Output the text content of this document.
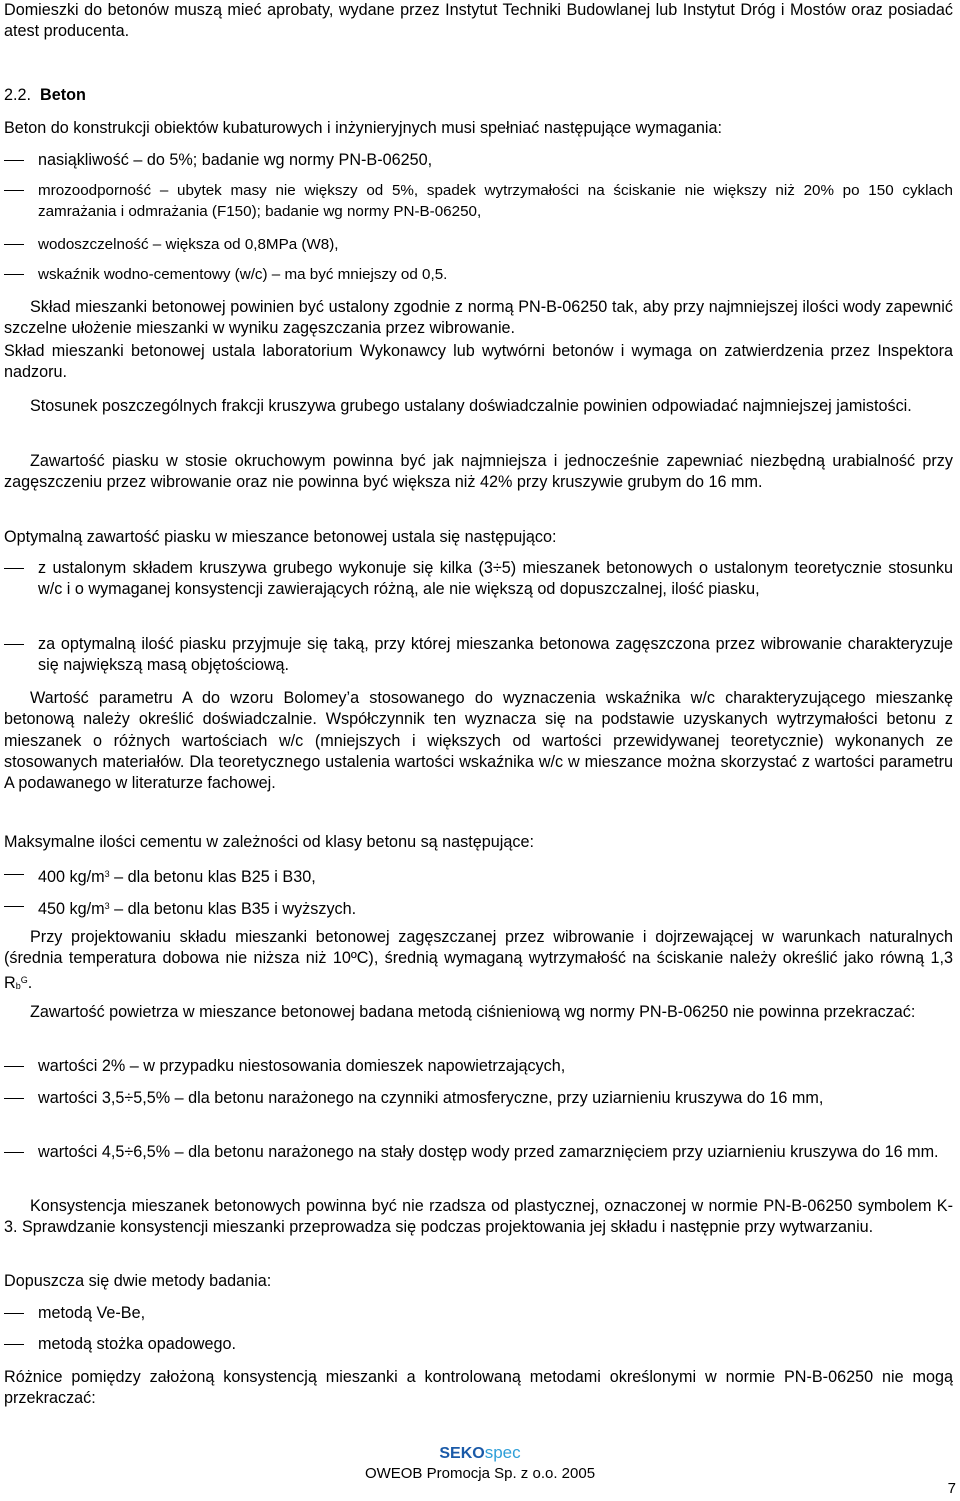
Domieszki do betonów muszą mieć aprobaty, wydane przez Instytut Techniki Budowlanej lub Instytut Dróg i Mostów oraz posiadać atest producenta.

2.2. Beton

Beton do konstrukcji obiektów kubaturowych i inżynieryjnych musi spełniać następujące wymagania:

nasiąkliwość – do 5%; badanie wg normy PN-B-06250,

mrozoodporność – ubytek masy nie większy od 5%, spadek wytrzymałości na ściskanie nie większy niż 20% po 150 cyklach zamrażania i odmrażania (F150); badanie wg normy PN-B-06250,

wodoszczelność – większa od 0,8MPa (W8),

wskaźnik wodno-cementowy (w/c) – ma być mniejszy od 0,5.

Skład mieszanki betonowej powinien być ustalony zgodnie z normą PN-B-06250 tak, aby przy najmniejszej ilości wody zapewnić szczelne ułożenie mieszanki w wyniku zagęszczania przez wibrowanie.

Skład mieszanki betonowej ustala laboratorium Wykonawcy lub wytwórni betonów i wymaga on zatwierdzenia przez Inspektora nadzoru.

Stosunek poszczególnych frakcji kruszywa grubego ustalany doświadczalnie powinien odpowiadać najmniejszej jamistości.

Zawartość piasku w stosie okruchowym powinna być jak najmniejsza i jednocześnie zapewniać niezbędną urabialność przy zagęszczeniu przez wibrowanie oraz nie powinna być większa niż 42% przy kruszywie grubym do 16 mm.

Optymalną zawartość piasku w mieszance betonowej ustala się następująco:

z ustalonym składem kruszywa grubego wykonuje się kilka (3÷5) mieszanek betonowych o ustalonym teoretycznie stosunku w/c i o wymaganej konsystencji zawierających różną, ale nie większą od dopuszczalnej, ilość piasku,

za optymalną ilość piasku przyjmuje się taką, przy której mieszanka betonowa zagęszczona przez wibrowanie charakteryzuje się największą masą objętościową.

Wartość parametru A do wzoru Bolomey’a stosowanego do wyznaczenia wskaźnika w/c charakteryzującego mieszankę betonową należy określić doświadczalnie. Współczynnik ten wyznacza się na podstawie uzyskanych wytrzymałości betonu z mieszanek o różnych wartościach w/c (mniejszych i większych od wartości przewidywanej teoretycznie) wykonanych ze stosowanych materiałów. Dla teoretycznego ustalenia wartości wskaźnika w/c w mieszance można skorzystać z wartości parametru A podawanego w literaturze fachowej.

Maksymalne ilości cementu w zależności od klasy betonu są następujące:

400 $kg/m^3$ – dla betonu klas B25 i B30,

450 $kg/m^3$ – dla betonu klas B35 i wyższych.

Przy projektowaniu składu mieszanki betonowej zagęszczanej przez wibrowanie i dojrzewającej w warunkach naturalnych (średnia temperatura dobowa nie niższa niż 10ºC), średnią wymaganą wytrzymałość na ściskanie należy określić jako równą 1,3 $R_b^G$.

Zawartość powietrza w mieszance betonowej badana metodą ciśnieniową wg normy PN-B-06250 nie powinna przekraczać:

wartości 2% – w przypadku niestosowania domieszek napowietrzających,

wartości 3,5÷5,5% – dla betonu narażonego na czynniki atmosferyczne, przy uziarnieniu kruszywa do 16 mm,

wartości 4,5÷6,5% – dla betonu narażonego na stały dostęp wody przed zamarznięciem przy uziarnieniu kruszywa do 16 mm.

Konsystencja mieszanek betonowych powinna być nie rzadsza od plastycznej, oznaczonej w normie PN-B-06250 symbolem K-3. Sprawdzanie konsystencji mieszanki przeprowadza się podczas projektowania jej składu i następnie przy wytwarzaniu.

Dopuszcza się dwie metody badania:

metodą Ve-Be,

metodą stożka opadowego.

Różnice pomiędzy założoną konsystencją mieszanki a kontrolowaną metodami określonymi w normie PN-B-06250 nie mogą przekraczać:

SEKOspec
OWEOB Promocja Sp. z o.o. 2005
7
